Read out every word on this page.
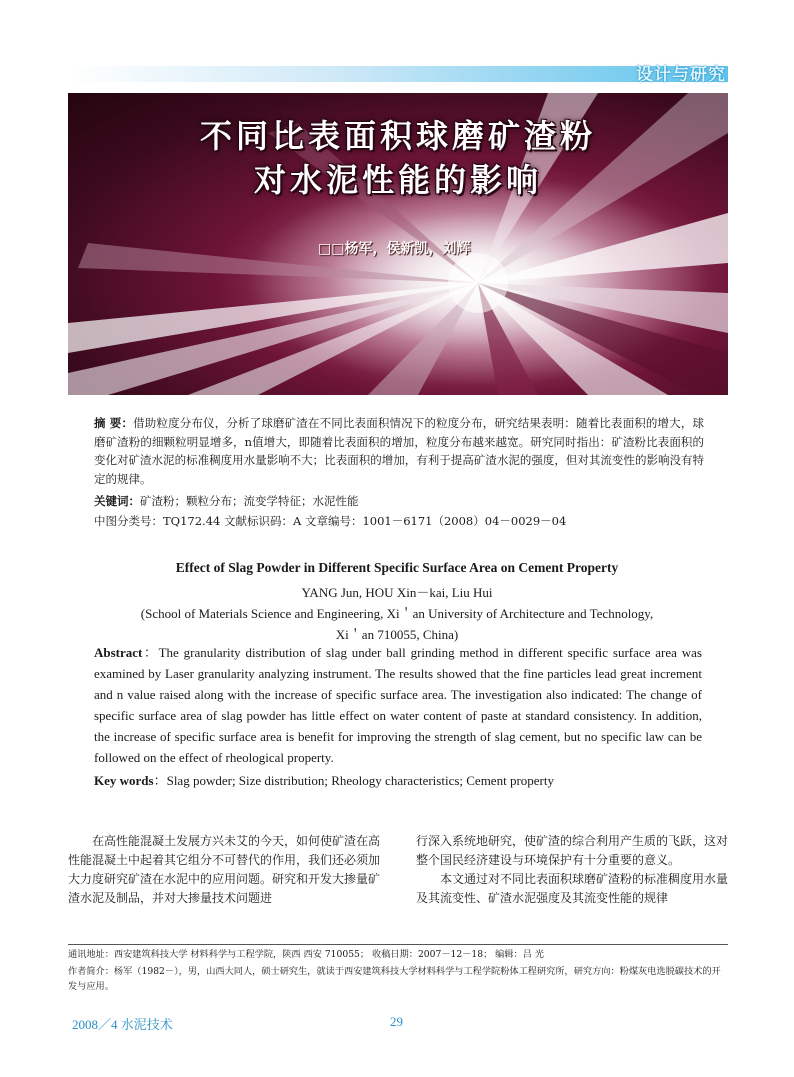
设计与研究
不同比表面积球磨矿渣粉
对水泥性能的影响
□□杨军，侯新凯，刘辉
摘 要：借助粒度分布仪，分析了球磨矿渣在不同比表面积情况下的粒度分布，研究结果表明：随着比表面积的增大，球磨矿渣粉的细颗粒明显增多，n值增大，即随着比表面积的增加，粒度分布越来越宽。研究同时指出：矿渣粉比表面积的变化对矿渣水泥的标准稠度用水量影响不大；比表面积的增加，有利于提高矿渣水泥的强度，但对其流变性的影响没有特定的规律。
关键词：矿渣粉；颗粒分布；流变学特征；水泥性能
中图分类号：TQ172.44 文献标识码：A 文章编号：1001－6171（2008）04－0029－04
Effect of Slag Powder in Different Specific Surface Area on Cement Property
YANG Jun, HOU Xin－kai, Liu Hui
(School of Materials Science and Engineering, Xi＇an University of Architecture and Technology,
Xi＇an 710055, China)
Abstract：The granularity distribution of slag under ball grinding method in different specific surface area was examined by Laser granularity analyzing instrument. The results showed that the fine particles lead great increment and n value raised along with the increase of specific surface area. The investigation also indicated: The change of specific surface area of slag powder has little effect on water content of paste at standard consistency. In addition, the increase of specific surface area is benefit for improving the strength of slag cement, but no specific law can be followed on the effect of rheological property.
Key words：Slag powder; Size distribution; Rheology characteristics; Cement property

在高性能混凝土发展方兴未艾的今天，如何使矿渣在高性能混凝土中起着其它组分不可替代的作用，我们还必须加大力度研究矿渣在水泥中的应用问题。研究和开发大掺量矿渣水泥及制品，并对大掺量技术问题进

行深入系统地研究，使矿渣的综合利用产生质的飞跃，这对整个国民经济建设与环境保护有十分重要的意义。

本文通过对不同比表面积球磨矿渣粉的标准稠度用水量及其流变性、矿渣水泥强度及其流变性能的规律

通讯地址：西安建筑科技大学 材料科学与工程学院，陕西 西安 710055； 收稿日期：2007－12－18； 编辑：吕 光
作者简介：杨军（1982－），男，山西大同人，硕士研究生，就读于西安建筑科技大学材料科学与工程学院粉体工程研究所，研究方向：粉煤灰电选脱碳技术的开发与应用。
2008／4 水泥技术	29
